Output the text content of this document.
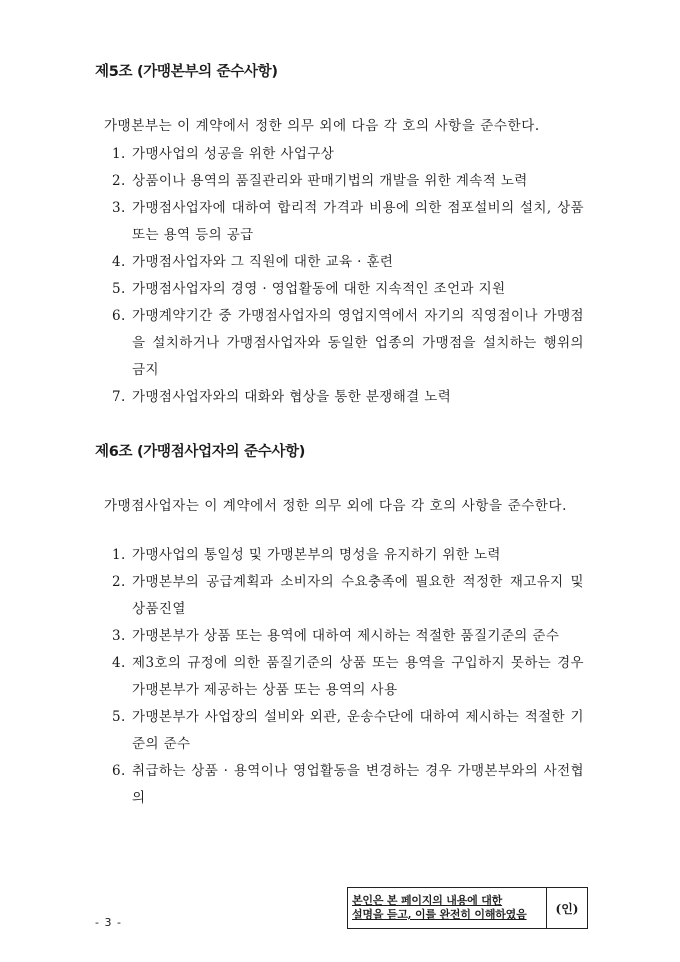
제5조 (가맹본부의 준수사항)
가맹본부는 이 계약에서 정한 의무 외에 다음 각 호의 사항을 준수한다.
1. 가맹사업의 성공을 위한 사업구상
2. 상품이나 용역의 품질관리와 판매기법의 개발을 위한 계속적 노력
3. 가맹점사업자에 대하여 합리적 가격과 비용에 의한 점포설비의 설치, 상품 또는 용역 등의 공급
4. 가맹점사업자와 그 직원에 대한 교육 · 훈련
5. 가맹점사업자의 경영 · 영업활동에 대한 지속적인 조언과 지원
6. 가맹계약기간 중 가맹점사업자의 영업지역에서 자기의 직영점이나 가맹점을 설치하거나 가맹점사업자와 동일한 업종의 가맹점을 설치하는 행위의 금지
7. 가맹점사업자와의 대화와 협상을 통한 분쟁해결 노력
제6조 (가맹점사업자의 준수사항)
가맹점사업자는 이 계약에서 정한 의무 외에 다음 각 호의 사항을 준수한다.
1. 가맹사업의 통일성 및 가맹본부의 명성을 유지하기 위한 노력
2. 가맹본부의 공급계획과 소비자의 수요충족에 필요한 적정한 재고유지 및 상품진열
3. 가맹본부가 상품 또는 용역에 대하여 제시하는 적절한 품질기준의 준수
4. 제3호의 규정에 의한 품질기준의 상품 또는 용역을 구입하지 못하는 경우 가맹본부가 제공하는 상품 또는 용역의 사용
5. 가맹본부가 사업장의 설비와 외관, 운송수단에 대하여 제시하는 적절한 기준의 준수
6. 취급하는 상품 · 용역이나 영업활동을 변경하는 경우 가맹본부와의 사전협의
- 3 -
본인은 본 페이지의 내용에 대한
설명을 듣고, 이를 완전히 이해하였음	(인)
